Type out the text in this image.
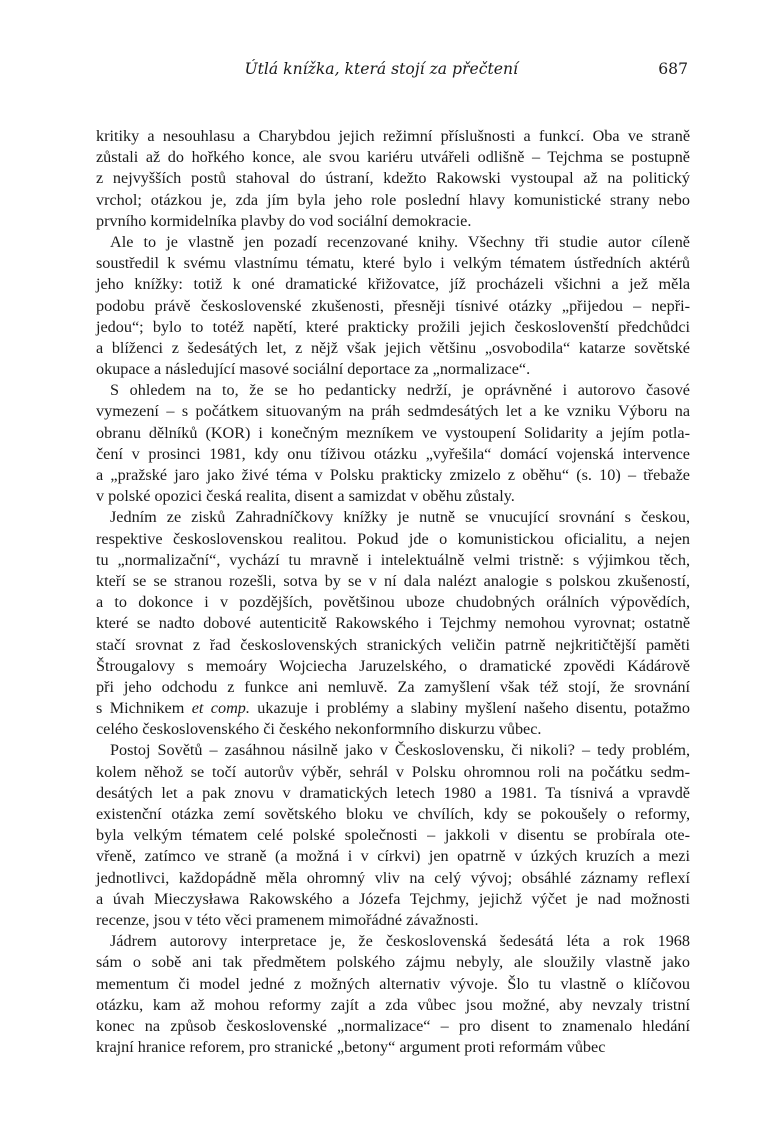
Útlá knížka, která stojí za přečtení	687
kritiky a nesouhlasu a Charybdou jejich režimní příslušnosti a funkcí. Oba ve straně
zůstali až do hořkého konce, ale svou kariéru utvářeli odlišně – Tejchma se postupně
z nejvyšších postů stahoval do ústraní, kdežto Rakowski vystoupal až na politický
vrchol; otázkou je, zda jím byla jeho role poslední hlavy komunistické strany nebo
prvního kormidelníka plavby do vod sociální demokracie.
Ale to je vlastně jen pozadí recenzované knihy. Všechny tři studie autor cíleně
soustředil k svému vlastnímu tématu, které bylo i velkým tématem ústředních aktérů
jeho knížky: totiž k oné dramatické křižovatce, jíž procházeli všichni a jež měla
podobu právě československé zkušenosti, přesněji tísnivé otázky „přijedou – nepři-
jedou“; bylo to totéž napětí, které prakticky prožili jejich českoslovenští předchůdci
a blíženci z šedesátých let, z nějž však jejich většinu „osvobodila“ katarze sovětské
okupace a následující masové sociální deportace za „normalizace“.
S ohledem na to, že se ho pedanticky nedrží, je oprávněné i autorovo časové
vymezení – s počátkem situovaným na práh sedmdesátých let a ke vzniku Výboru na
obranu dělníků (KOR) i konečným mezníkem ve vystoupení Solidarity a jejím potla-
čení v prosinci 1981, kdy onu tíživou otázku „vyřešila“ domácí vojenská intervence
a „pražské jaro jako živé téma v Polsku prakticky zmizelo z oběhu“ (s. 10) – třebaže
v polské opozici česká realita, disent a samizdat v oběhu zůstaly.
Jedním ze zisků Zahradníčkovy knížky je nutně se vnucující srovnání s českou,
respektive československou realitou. Pokud jde o komunistickou oficialitu, a nejen
tu „normalizační“, vychází tu mravně i intelektuálně velmi tristně: s výjimkou těch,
kteří se se stranou rozešli, sotva by se v ní dala nalézt analogie s polskou zkušeností,
a to dokonce i v pozdějších, povětšinou uboze chudobných orálních výpovědích,
které se nadto dobové autenticitě Rakowského i Tejchmy nemohou vyrovnat; ostatně
stačí srovnat z řad československých stranických veličin patrně nejkritičtější paměti
Štrougalovy s memoáry Wojciecha Jaruzelského, o dramatické zpovědi Kádárově
při jeho odchodu z funkce ani nemluvě. Za zamyšlení však též stojí, že srovnání
s Michnikem et comp. ukazuje i problémy a slabiny myšlení našeho disentu, potažmo
celého československého či českého nekonformního diskurzu vůbec.
Postoj Sovětů – zasáhnou násilně jako v Československu, či nikoli? – tedy problém,
kolem něhož se točí autorův výběr, sehrál v Polsku ohromnou roli na počátku sedm-
desátých let a pak znovu v dramatických letech 1980 a 1981. Ta tísnivá a vpravdě
existenční otázka zemí sovětského bloku ve chvílích, kdy se pokoušely o reformy,
byla velkým tématem celé polské společnosti – jakkoli v disentu se probírala ote-
vřeně, zatímco ve straně (a možná i v církvi) jen opatrně v úzkých kruzích a mezi
jednotlivci, každopádně měla ohromný vliv na celý vývoj; obsáhlé záznamy reflexí
a úvah Mieczysława Rakowského a Józefa Tejchmy, jejichž výčet je nad možnosti
recenze, jsou v této věci pramenem mimořádné závažnosti.
Jádrem autorovy interpretace je, že československá šedesátá léta a rok 1968
sám o sobě ani tak předmětem polského zájmu nebyly, ale sloužily vlastně jako
mementum či model jedné z možných alternativ vývoje. Šlo tu vlastně o klíčovou
otázku, kam až mohou reformy zajít a zda vůbec jsou možné, aby nevzaly tristní
konec na způsob československé „normalizace“ – pro disent to znamenalo hledání
krajní hranice reforem, pro stranické „betony“ argument proti reformám vůbec
